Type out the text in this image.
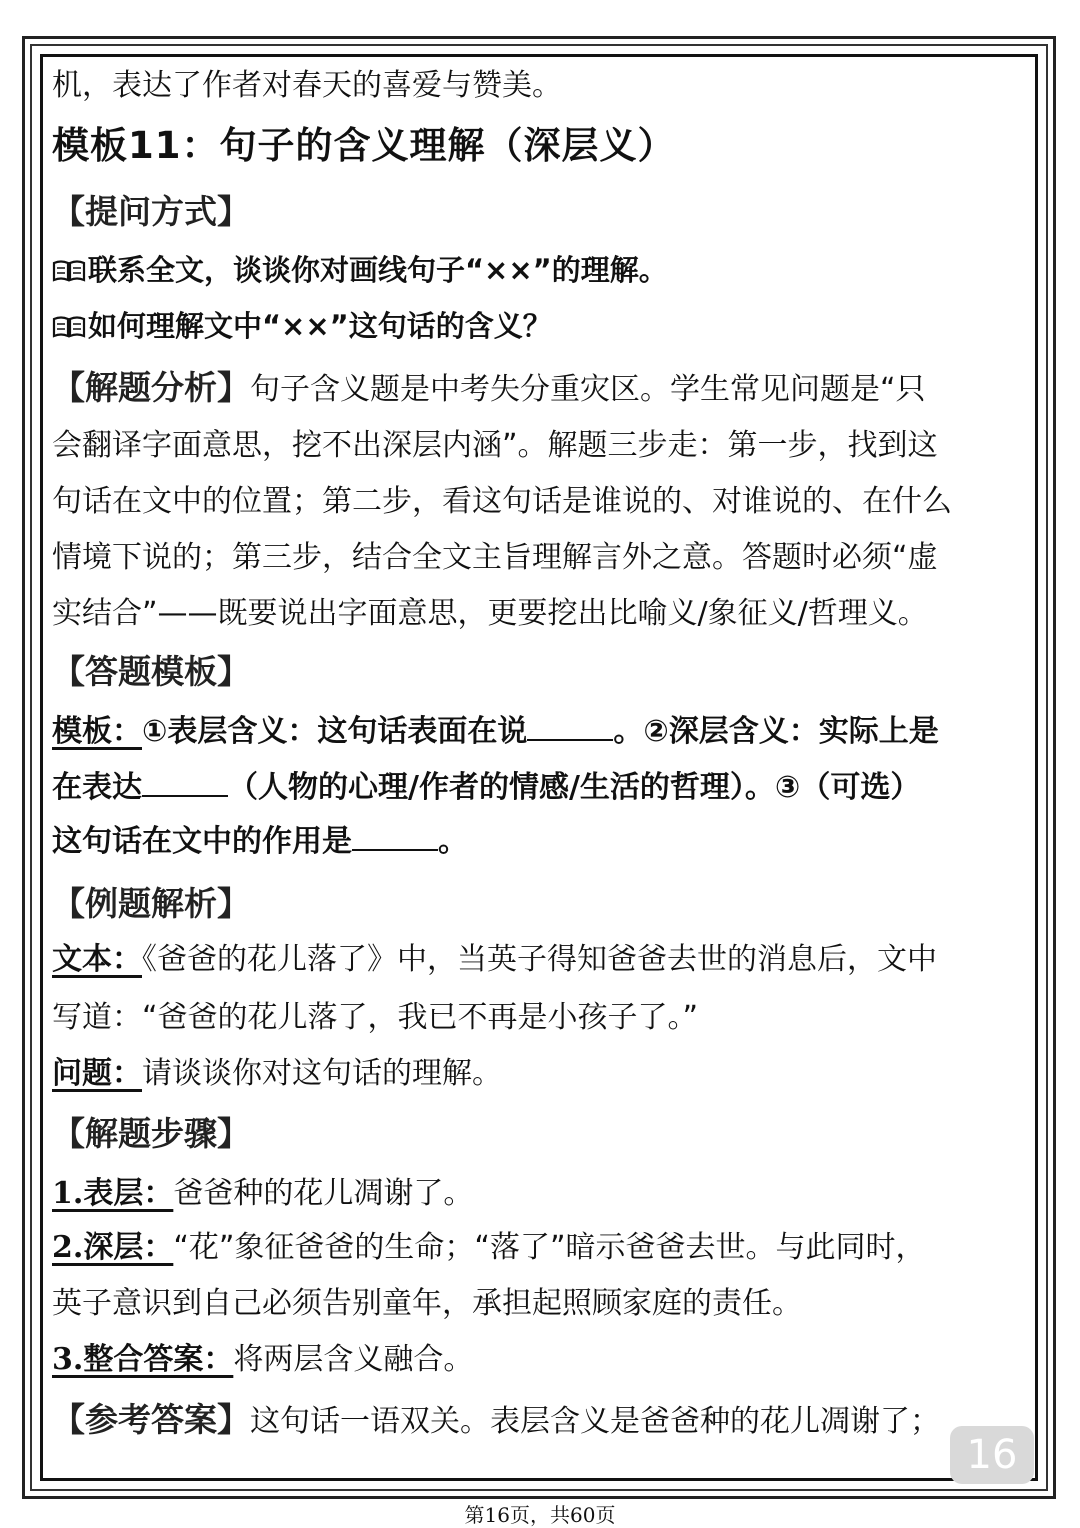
机，表达了作者对春天的喜爱与赞美。
模板11：句子的含义理解（深层义）
【提问方式】
联系全文，谈谈你对画线句子“××”的理解。
如何理解文中“××”这句话的含义？
【解题分析】句子含义题是中考失分重灾区。学生常见问题是“只
会翻译字面意思，挖不出深层内涵”。解题三步走：第一步，找到这
句话在文中的位置；第二步，看这句话是谁说的、对谁说的、在什么
情境下说的；第三步，结合全文主旨理解言外之意。答题时必须“虚
实结合”——既要说出字面意思，更要挖出比喻义/象征义/哲理义。
【答题模板】
模板：①表层含义：这句话表面在说	。②深层含义：实际上是
在表达	（人物的心理/作者的情感/生活的哲理）。③（可选）
这句话在文中的作用是	。
【例题解析】
文本：《爸爸的花儿落了》中，当英子得知爸爸去世的消息后，文中
写道：“爸爸的花儿落了，我已不再是小孩子了。”
问题：请谈谈你对这句话的理解。
【解题步骤】
1.表层：爸爸种的花儿凋谢了。
2.深层：“花”象征爸爸的生命；“落了”暗示爸爸去世。与此同时，
英子意识到自己必须告别童年，承担起照顾家庭的责任。
3.整合答案：将两层含义融合。
【参考答案】这句话一语双关。表层含义是爸爸种的花儿凋谢了；
16
第16页，共60页
